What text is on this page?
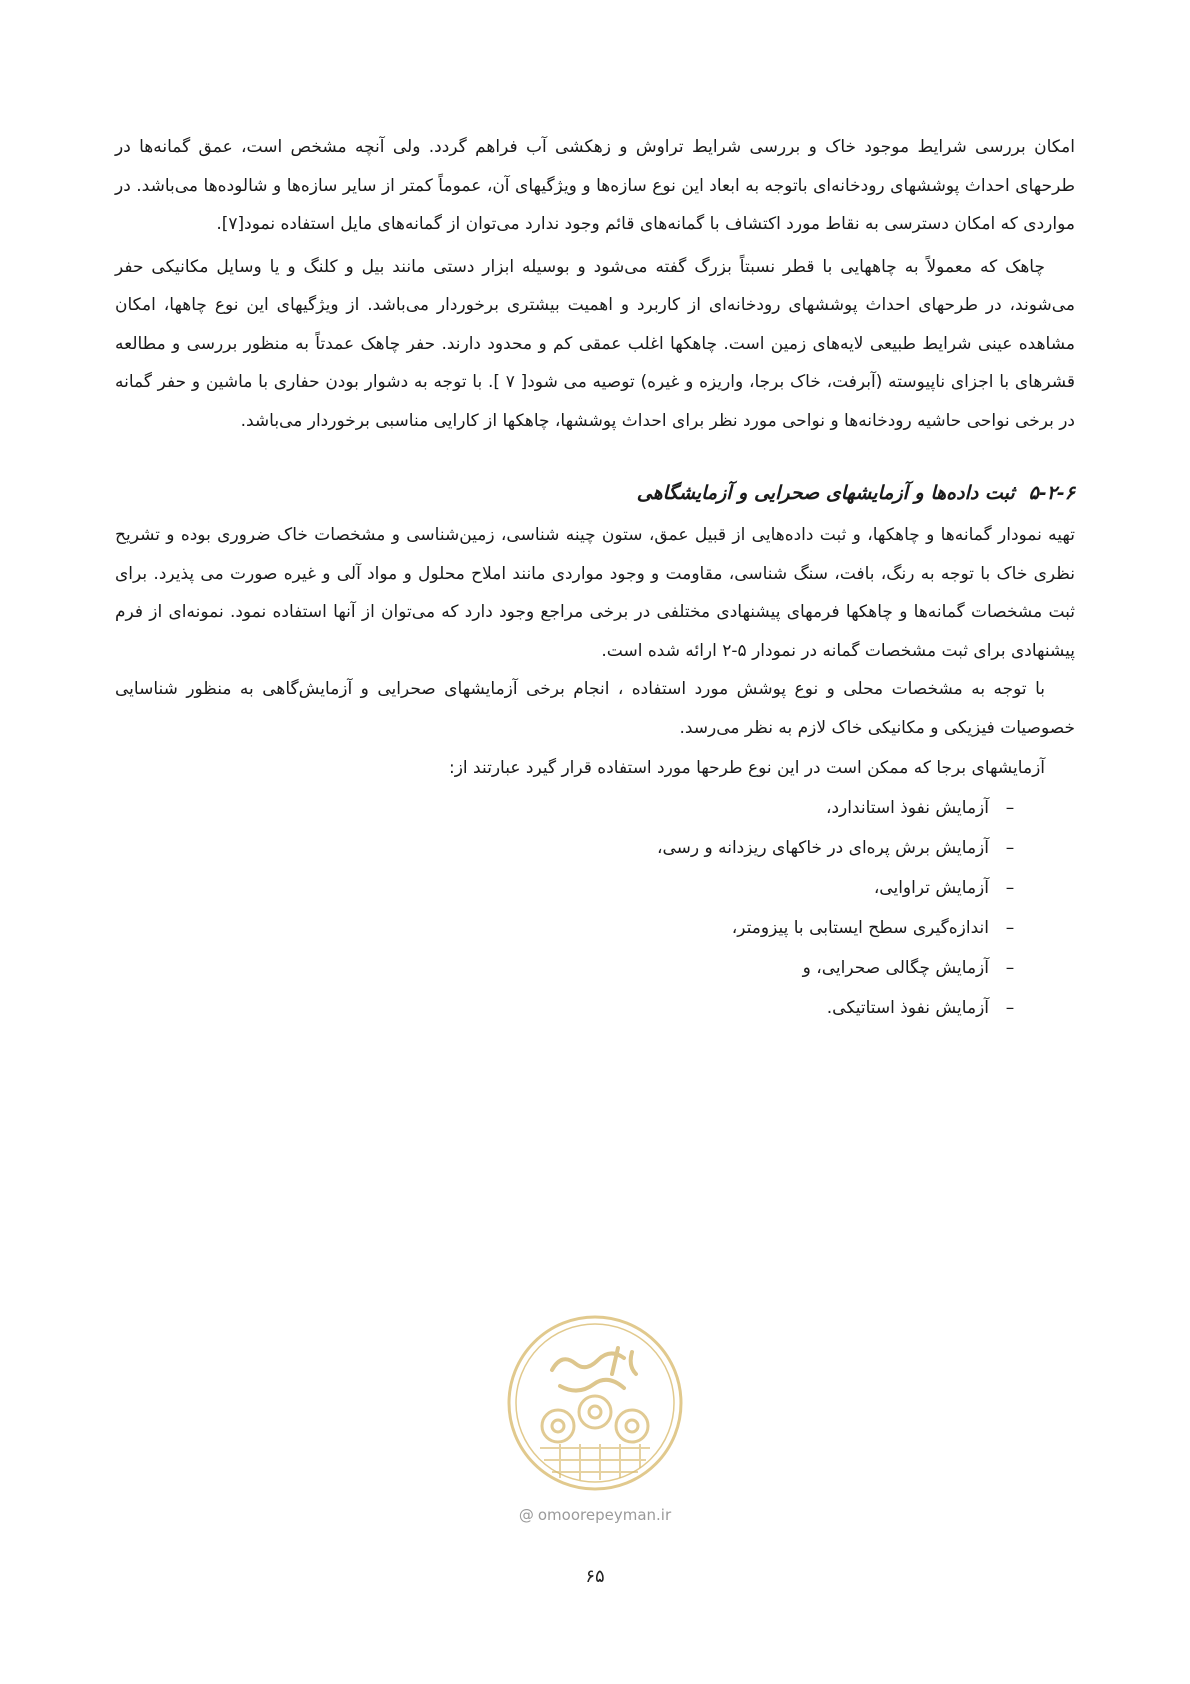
امکان بررسی شرایط موجود خاک و بررسی شرایط تراوش و زهکشی آب فراهم گردد. ولی آنچه مشخص است، عمق گمانه‌ها در طرحهای احداث پوششهای رودخانه‌ای باتوجه به ابعاد این نوع سازه‌ها و ویژگیهای آن، عموماً کمتر از سایر سازه‌ها و شالوده‌ها می‌باشد. در مواردی که امکان دسترسی به نقاط مورد اکتشاف با گمانه‌های قائم وجود ندارد می‌توان از گمانه‌های مایل استفاده نمود[۷].

چاهک که معمولاً به چاههایی با قطر نسبتاً بزرگ گفته می‌شود و بوسیله ابزار دستی مانند بیل و کلنگ و یا وسایل مکانیکی حفر می‌شوند، در طرحهای احداث پوششهای رودخانه‌ای از کاربرد و اهمیت بیشتری برخوردار می‌باشد. از ویژگیهای این نوع چاهها، امکان مشاهده عینی شرایط طبیعی لایه‌های زمین است. چاهکها اغلب عمقی کم و محدود دارند. حفر چاهک عمدتاً به منظور بررسی و مطالعه قشرهای با اجزای ناپیوسته (آبرفت، خاک برجا، واریزه و غیره) توصیه می شود[ ۷ ]. با توجه به دشوار بودن حفاری با ماشین و حفر گمانه در برخی نواحی حاشیه رودخانه‌ها و نواحی مورد نظر برای احداث پوششها، چاهکها از کارایی مناسبی برخوردار می‌باشد.

۵-۲-۶ثبت داده‌ها و آزمایشهای صحرایی و آزمایشگاهی

تهیه نمودار گمانه‌ها و چاهکها، و ثبت داده‌هایی از قبیل عمق، ستون چینه شناسی، زمین‌شناسی و مشخصات خاک ضروری بوده و تشریح نظری خاک با توجه به رنگ، بافت، سنگ شناسی، مقاومت و وجود مواردی مانند املاح محلول و مواد آلی و غیره صورت می پذیرد. برای ثبت مشخصات گمانه‌ها و چاهکها فرمهای پیشنهادی مختلفی در برخی مراجع وجود دارد که می‌توان از آنها استفاده نمود. نمونه‌ای از فرم پیشنهادی برای ثبت مشخصات گمانه در نمودار ۵-۲ ارائه شده است.

با توجه به مشخصات محلی و نوع پوشش مورد استفاده ، انجام برخی آزمایشهای صحرایی و آزمایش‌گاهی به منظور شناسایی خصوصیات فیزیکی و مکانیکی خاک لازم به نظر می‌رسد.

آزمایشهای برجا که ممکن است در این نوع طرحها مورد استفاده قرار گیرد عبارتند از:

–آزمایش نفوذ استاندارد،
–آزمایش برش پره‌ای در خاکهای ریزدانه و رسی،
–آزمایش تراوایی،
–اندازه‌گیری سطح ایستابی با پیزومتر،
–آزمایش چگالی صحرایی، و
–آزمایش نفوذ استاتیکی.
@ omoorepeyman.ir
۶۵
